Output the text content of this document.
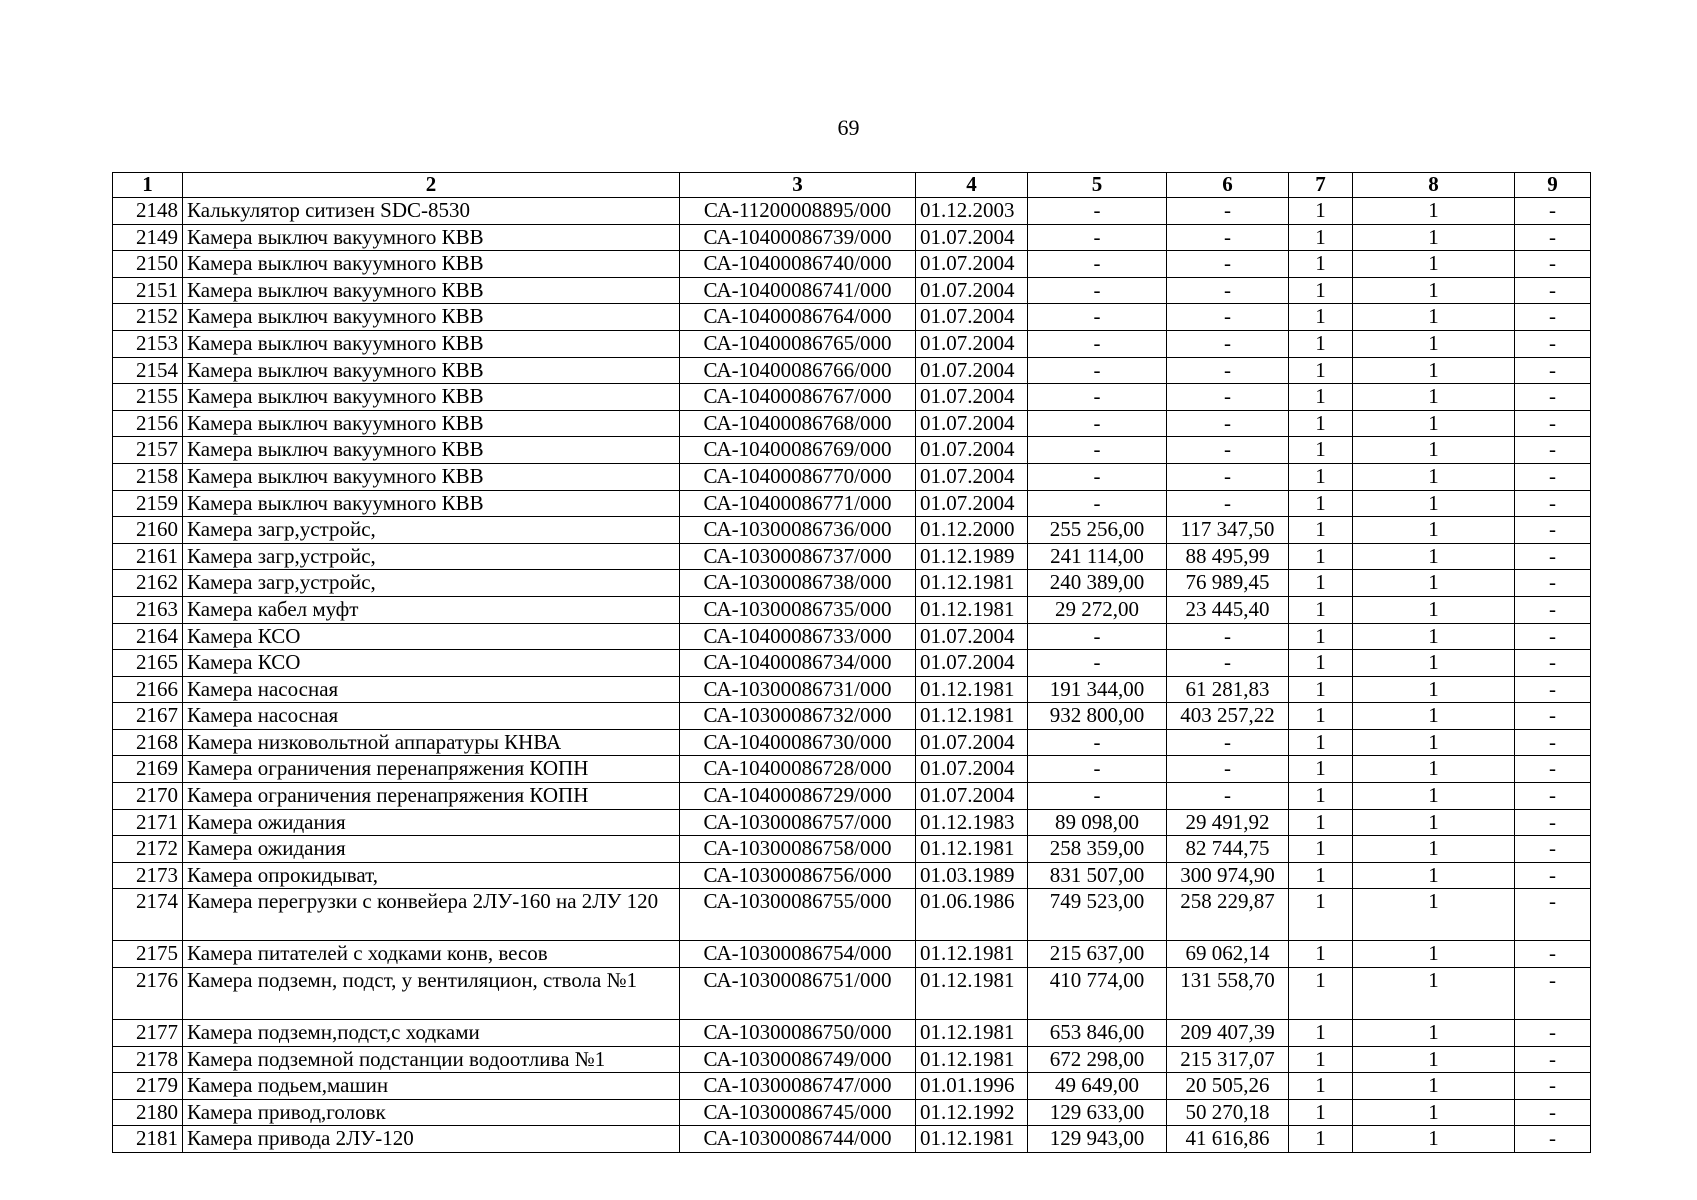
69
1	2	3	4	5	6	7	8	9
2148	Калькулятор ситизен SDC-8530	СА-11200008895/000	01.12.2003	-	-	1	1	-
2149	Камера выключ вакуумного КВВ	СА-10400086739/000	01.07.2004	-	-	1	1	-
2150	Камера выключ вакуумного КВВ	СА-10400086740/000	01.07.2004	-	-	1	1	-
2151	Камера выключ вакуумного КВВ	СА-10400086741/000	01.07.2004	-	-	1	1	-
2152	Камера выключ вакуумного КВВ	СА-10400086764/000	01.07.2004	-	-	1	1	-
2153	Камера выключ вакуумного КВВ	СА-10400086765/000	01.07.2004	-	-	1	1	-
2154	Камера выключ вакуумного КВВ	СА-10400086766/000	01.07.2004	-	-	1	1	-
2155	Камера выключ вакуумного КВВ	СА-10400086767/000	01.07.2004	-	-	1	1	-
2156	Камера выключ вакуумного КВВ	СА-10400086768/000	01.07.2004	-	-	1	1	-
2157	Камера выключ вакуумного КВВ	СА-10400086769/000	01.07.2004	-	-	1	1	-
2158	Камера выключ вакуумного КВВ	СА-10400086770/000	01.07.2004	-	-	1	1	-
2159	Камера выключ вакуумного КВВ	СА-10400086771/000	01.07.2004	-	-	1	1	-
2160	Камера загр,устройс,	СА-10300086736/000	01.12.2000	255 256,00	117 347,50	1	1	-
2161	Камера загр,устройс,	СА-10300086737/000	01.12.1989	241 114,00	88 495,99	1	1	-
2162	Камера загр,устройс,	СА-10300086738/000	01.12.1981	240 389,00	76 989,45	1	1	-
2163	Камера кабел муфт	СА-10300086735/000	01.12.1981	29 272,00	23 445,40	1	1	-
2164	Камера КСО	СА-10400086733/000	01.07.2004	-	-	1	1	-
2165	Камера КСО	СА-10400086734/000	01.07.2004	-	-	1	1	-
2166	Камера насосная	СА-10300086731/000	01.12.1981	191 344,00	61 281,83	1	1	-
2167	Камера насосная	СА-10300086732/000	01.12.1981	932 800,00	403 257,22	1	1	-
2168	Камера низковольтной аппаратуры КНВА	СА-10400086730/000	01.07.2004	-	-	1	1	-
2169	Камера ограничения перенапряжения КОПН	СА-10400086728/000	01.07.2004	-	-	1	1	-
2170	Камера ограничения перенапряжения КОПН	СА-10400086729/000	01.07.2004	-	-	1	1	-
2171	Камера ожидания	СА-10300086757/000	01.12.1983	89 098,00	29 491,92	1	1	-
2172	Камера ожидания	СА-10300086758/000	01.12.1981	258 359,00	82 744,75	1	1	-
2173	Камера опрокидыват,	СА-10300086756/000	01.03.1989	831 507,00	300 974,90	1	1	-
2174	Камера перегрузки с конвейера 2ЛУ-160 на 2ЛУ 120	СА-10300086755/000	01.06.1986	749 523,00	258 229,87	1	1	-
2175	Камера питателей с ходками конв, весов	СА-10300086754/000	01.12.1981	215 637,00	69 062,14	1	1	-
2176	Камера подземн, подст, у вентиляцион, ствола №1	СА-10300086751/000	01.12.1981	410 774,00	131 558,70	1	1	-
2177	Камера подземн,подст,с ходками	СА-10300086750/000	01.12.1981	653 846,00	209 407,39	1	1	-
2178	Камера подземной подстанции водоотлива №1	СА-10300086749/000	01.12.1981	672 298,00	215 317,07	1	1	-
2179	Камера подьем,машин	СА-10300086747/000	01.01.1996	49 649,00	20 505,26	1	1	-
2180	Камера привод,головк	СА-10300086745/000	01.12.1992	129 633,00	50 270,18	1	1	-
2181	Камера привода 2ЛУ-120	СА-10300086744/000	01.12.1981	129 943,00	41 616,86	1	1	-
